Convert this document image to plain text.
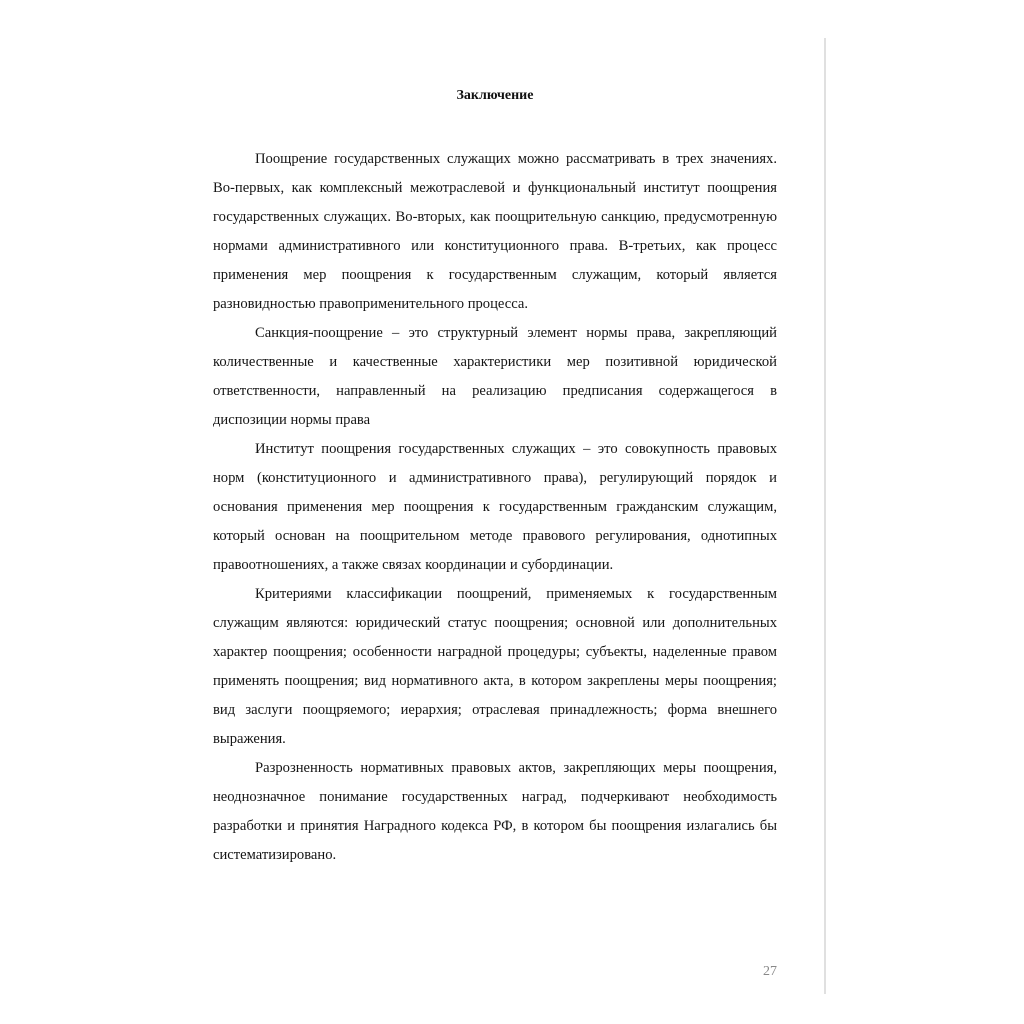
Заключение

Поощрение государственных служащих можно рассматривать в трех значениях. Во-первых, как комплексный межотраслевой и функциональный институт поощрения государственных служащих. Во-вторых, как поощрительную санкцию, предусмотренную нормами административного или конституционного права. В-третьих, как процесс применения мер поощрения к государственным служащим, который является разновидностью правоприменительного процесса.

Санкция-поощрение – это структурный элемент нормы права, закрепляющий количественные и качественные характеристики мер позитивной юридической ответственности, направленный на реализацию предписания содержащегося в диспозиции нормы права

Институт поощрения государственных служащих – это совокупность правовых норм (конституционного и административного права), регулирующий порядок и основания применения мер поощрения к государственным гражданским служащим, который основан на поощрительном методе правового регулирования, однотипных правоотношениях, а также связах координации и субординации.

Критериями классификации поощрений, применяемых к государственным служащим являются: юридический статус поощрения; основной или дополнительных характер поощрения; особенности наградной процедуры; субъекты, наделенные правом применять поощрения; вид нормативного акта, в котором закреплены меры поощрения; вид заслуги поощряемого; иерархия; отраслевая принадлежность; форма внешнего выражения.

Разрозненность нормативных правовых актов, закрепляющих меры поощрения, неоднозначное понимание государственных наград, подчеркивают необходимость разработки и принятия Наградного кодекса РФ, в котором бы поощрения излагались бы систематизировано.

27
